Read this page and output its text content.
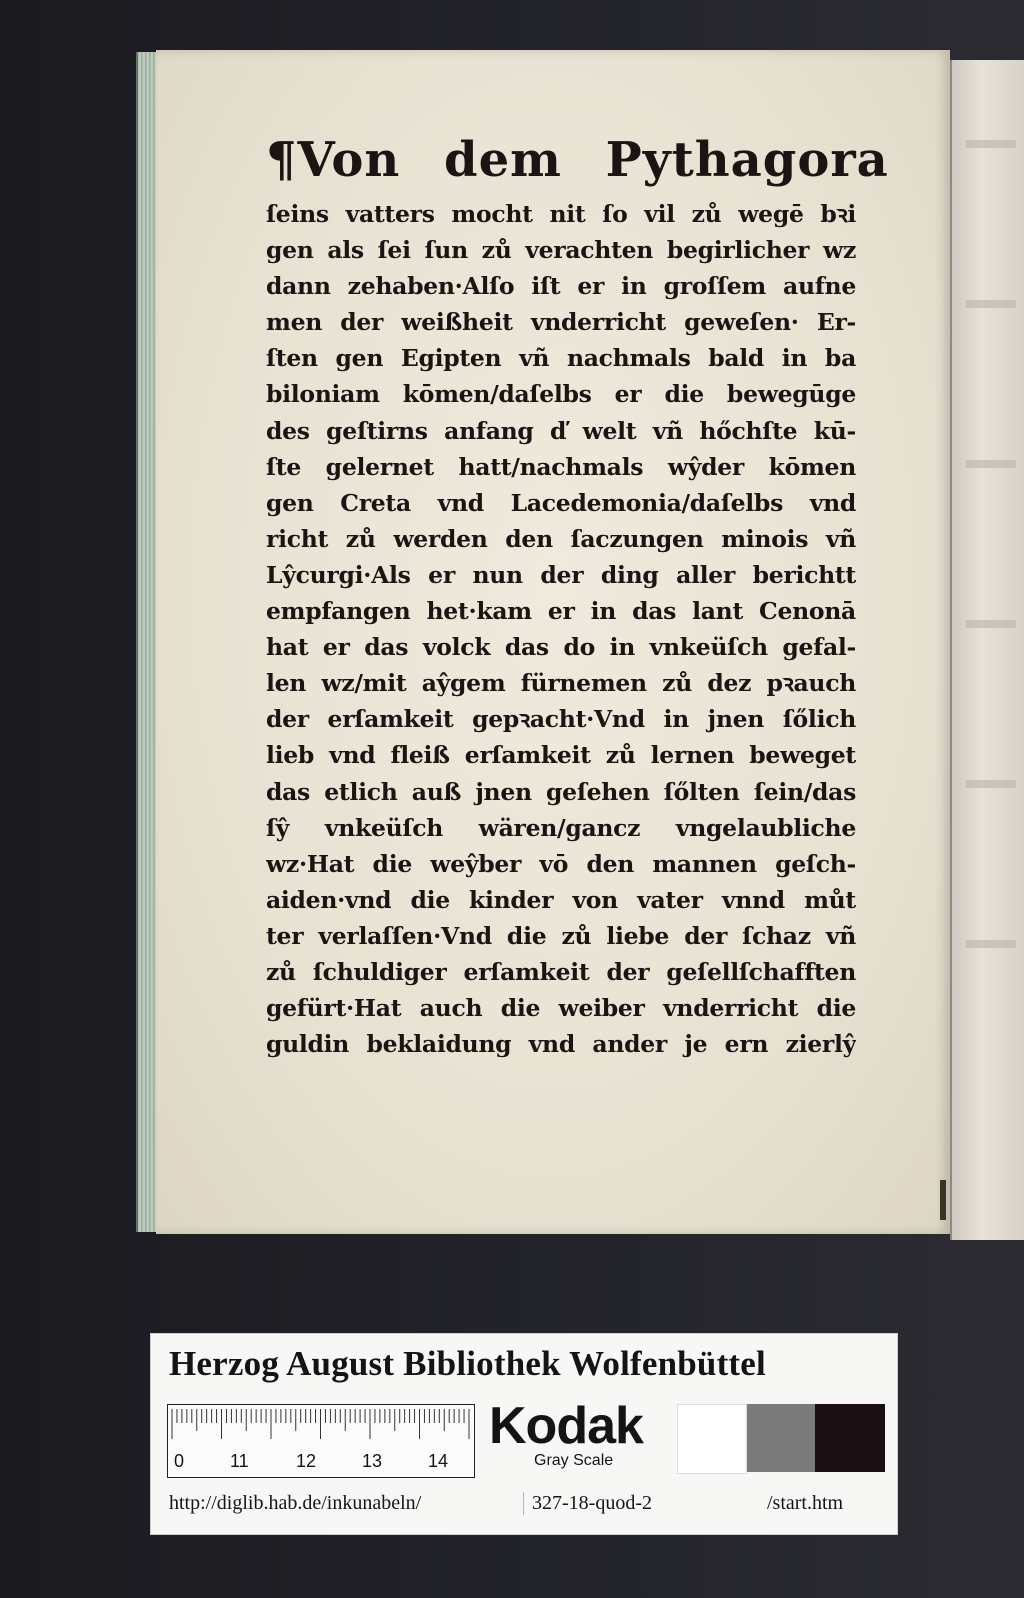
¶Von dem Pythagora
ſeins vatters mocht nit ſo vil zů wegē bꝛi
gen als ſei ſun zů verachten begirlicher wz
dann zehaben·Alſo iſt er in groſſem aufne
men der weißheit vnderricht geweſen· Er-
ſten gen Egipten vñ nachmals bald in ba
biloniam kōmen/daſelbs er die bewegūge
des geſtirns anfang ď welt vñ hőchſte kū-
ſte gelernet hatt/nachmals wŷder kōmen
gen Creta vnd Lacedemonia/daſelbs vnď
richt zů werden den ſaczungen minois vñ
Lŷcurgi·Als er nun der ding aller berichtt
empfangen het·kam er in das lant Cenonā
hat er das volck das do in vnkeüſch gefal-
len wz/mit aŷgem fürnemen zů dez pꝛauch
der erſamkeit gepꝛacht·Vnd in jnen ſőlich
lieb vnd fleiß erſamkeit zů lernen beweget
das etlich auß jnen geſehen ſőlten ſein/das
ſŷ vnkeüſch wären/gancz vngelaubliche
wz·Hat die weŷber vō den mannen geſch-
aiden·vnd die kinder von vater vnnd můt
ter verlaſſen·Vnd die zů liebe der ſchaz vñ
zů ſchuldiger erſamkeit der geſellſchafften
gefürt·Hat auch die weiber vnderricht die
guldin beklaidung vnd ander je ern zierlŷ
Herzog August Bibliothek Wolfenbüttel
0	11	12	13	14
Kodak
Gray Scale
http://diglib.hab.de/inkunabeln/	327-18-quod-2	/start.htm
